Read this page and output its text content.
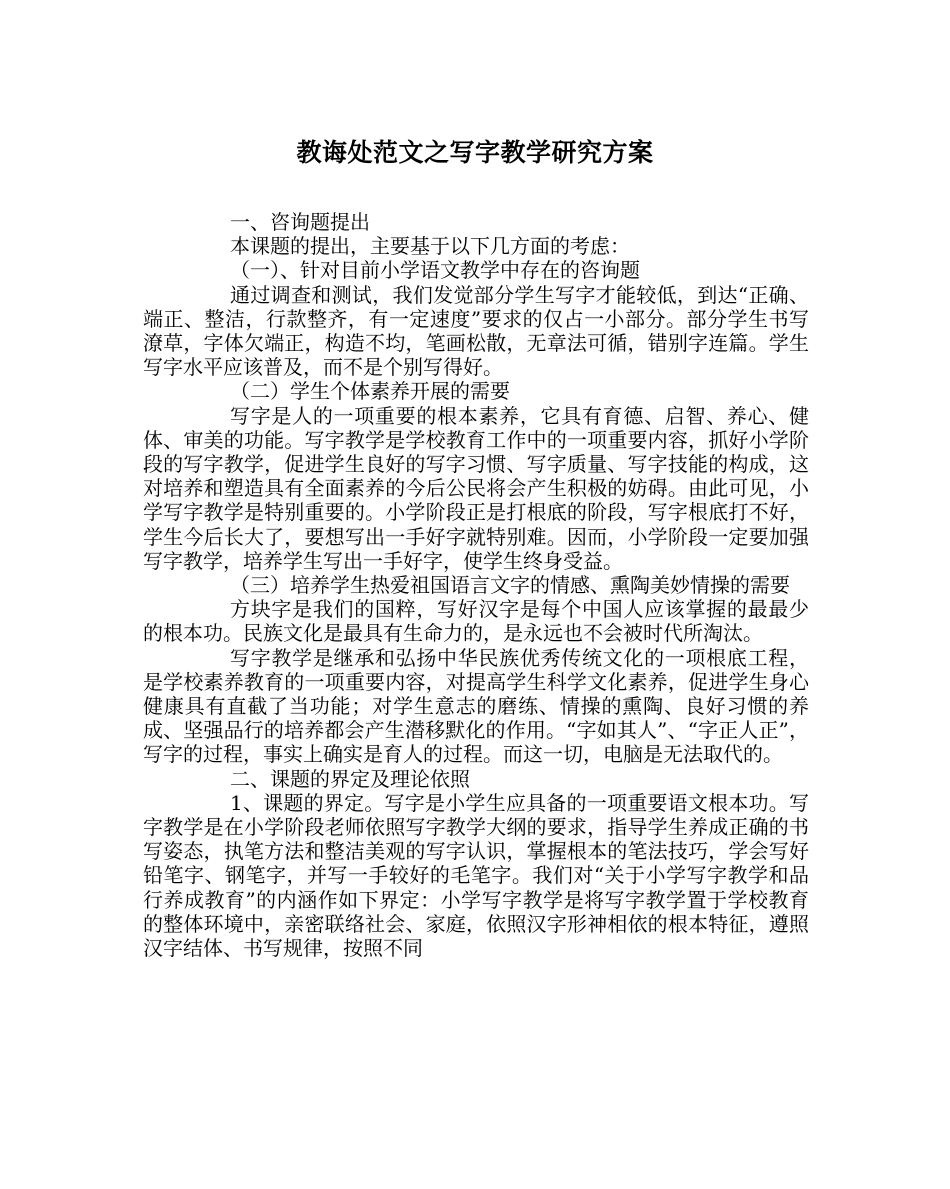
教诲处范文之写字教学研究方案

一、咨询题提出

本课题的提出，主要基于以下几方面的考虑：

（一）、针对目前小学语文教学中存在的咨询题

通过调查和测试，我们发觉部分学生写字才能较低，到达“正确、端正、整洁，行款整齐，有一定速度”要求的仅占一小部分。部分学生书写潦草，字体欠端正，构造不均，笔画松散，无章法可循，错别字连篇。学生写字水平应该普及，而不是个别写得好。

（二）学生个体素养开展的需要

写字是人的一项重要的根本素养，它具有育德、启智、养心、健体、审美的功能。写字教学是学校教育工作中的一项重要内容，抓好小学阶段的写字教学，促进学生良好的写字习惯、写字质量、写字技能的构成，这对培养和塑造具有全面素养的今后公民将会产生积极的妨碍。由此可见，小学写字教学是特别重要的。小学阶段正是打根底的阶段，写字根底打不好，学生今后长大了，要想写出一手好字就特别难。因而，小学阶段一定要加强写字教学，培养学生写出一手好字，使学生终身受益。

（三）培养学生热爱祖国语言文字的情感、熏陶美妙情操的需要

方块字是我们的国粹，写好汉字是每个中国人应该掌握的最最少的根本功。民族文化是最具有生命力的，是永远也不会被时代所淘汰。

写字教学是继承和弘扬中华民族优秀传统文化的一项根底工程，是学校素养教育的一项重要内容，对提高学生科学文化素养，促进学生身心健康具有直截了当功能；对学生意志的磨练、情操的熏陶、良好习惯的养成、坚强品行的培养都会产生潜移默化的作用。“字如其人”、“字正人正”，写字的过程，事实上确实是育人的过程。而这一切，电脑是无法取代的。

二、课题的界定及理论依照

1、课题的界定。写字是小学生应具备的一项重要语文根本功。写字教学是在小学阶段老师依照写字教学大纲的要求，指导学生养成正确的书写姿态，执笔方法和整洁美观的写字认识，掌握根本的笔法技巧，学会写好铅笔字、钢笔字，并写一手较好的毛笔字。我们对“关于小学写字教学和品行养成教育”的内涵作如下界定：小学写字教学是将写字教学置于学校教育的整体环境中，亲密联络社会、家庭，依照汉字形神相依的根本特征，遵照汉字结体、书写规律，按照不同
